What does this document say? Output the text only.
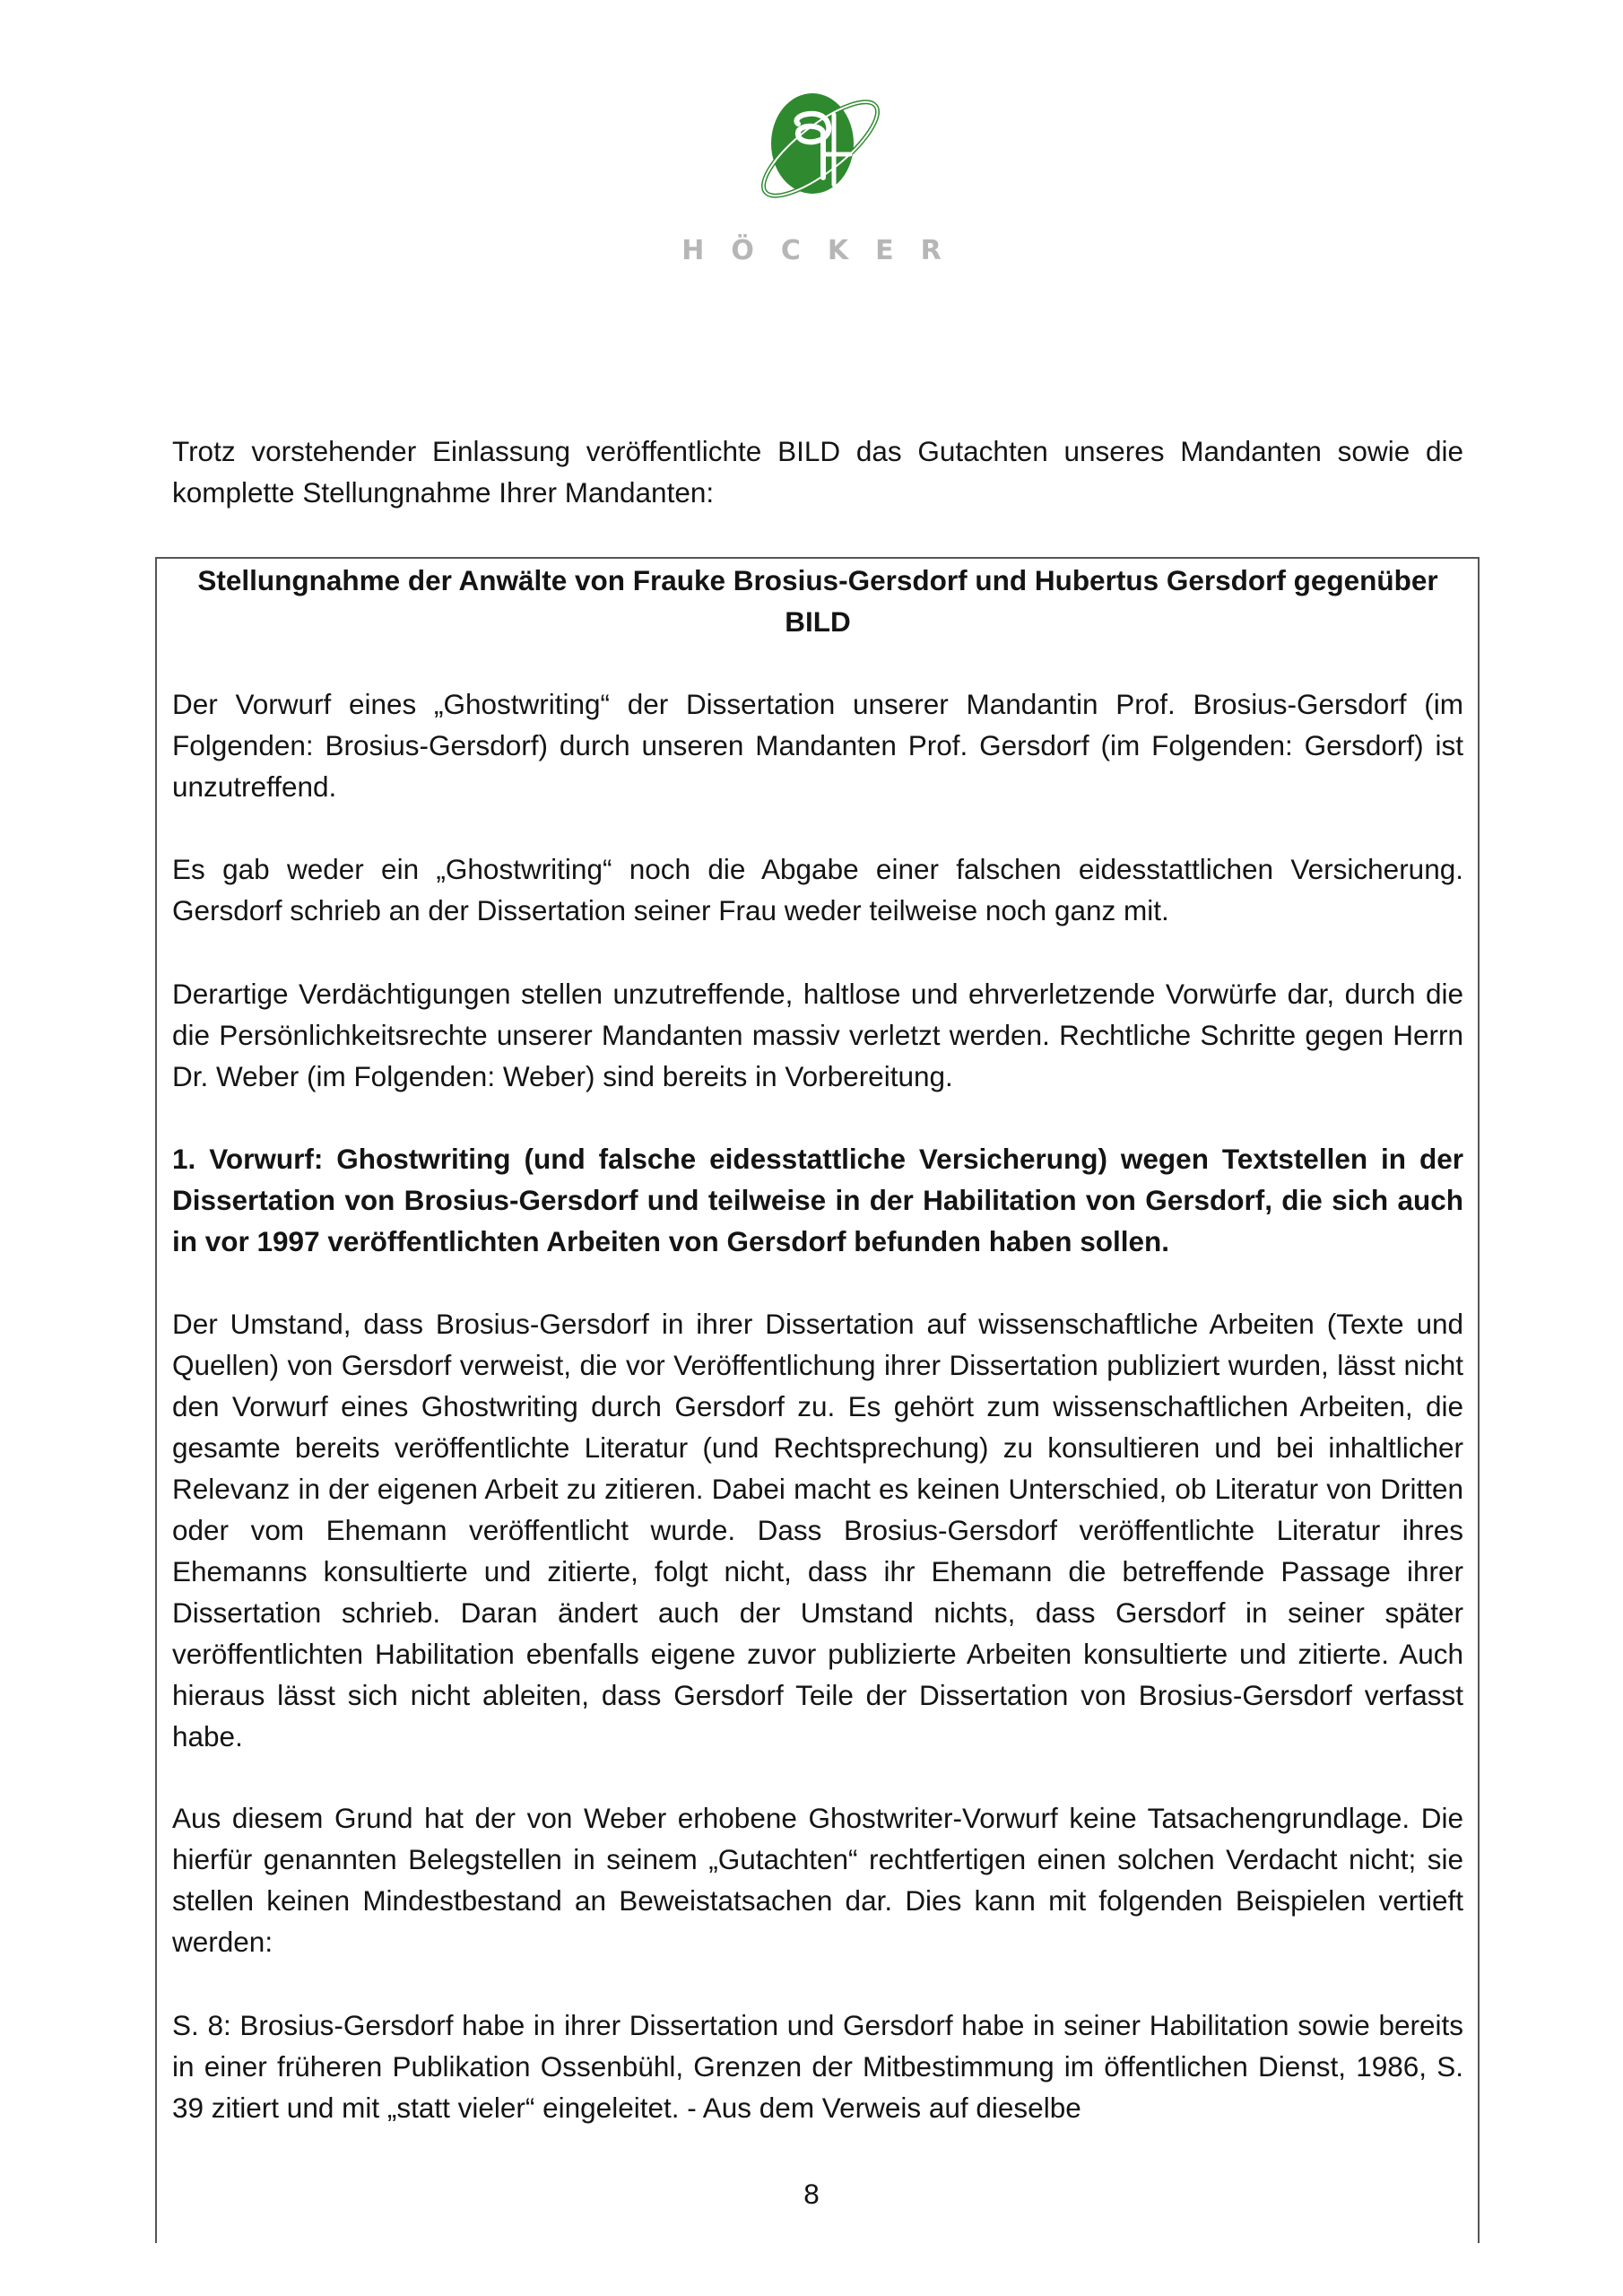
HÖCKER

Trotz vorstehender Einlassung veröffentlichte BILD das Gutachten unseres Mandanten sowie die komplette Stellungnahme Ihrer Mandanten:

Stellungnahme der Anwälte von Frauke Brosius-Gersdorf und Hubertus Gersdorf gegenüber BILD

Der Vorwurf eines „Ghostwriting“ der Dissertation unserer Mandantin Prof. Brosius-Gersdorf (im Folgenden: Brosius-Gersdorf) durch unseren Mandanten Prof. Gersdorf (im Folgenden: Gersdorf) ist unzutreffend.

Es gab weder ein „Ghostwriting“ noch die Abgabe einer falschen eidesstattlichen Versicherung. Gersdorf schrieb an der Dissertation seiner Frau weder teilweise noch ganz mit.

Derartige Verdächtigungen stellen unzutreffende, haltlose und ehrverletzende Vorwürfe dar, durch die die Persönlichkeitsrechte unserer Mandanten massiv verletzt werden. Rechtliche Schritte gegen Herrn Dr. Weber (im Folgenden: Weber) sind bereits in Vorbereitung.

1. Vorwurf: Ghostwriting (und falsche eidesstattliche Versicherung) wegen Textstellen in der Dissertation von Brosius-Gersdorf und teilweise in der Habilitation von Gersdorf, die sich auch in vor 1997 veröffentlichten Arbeiten von Gersdorf befunden haben sollen.

Der Umstand, dass Brosius-Gersdorf in ihrer Dissertation auf wissenschaftliche Arbeiten (Texte und Quellen) von Gersdorf verweist, die vor Veröffentlichung ihrer Dissertation publiziert wurden, lässt nicht den Vorwurf eines Ghostwriting durch Gersdorf zu. Es gehört zum wissenschaftlichen Arbeiten, die gesamte bereits veröffentlichte Literatur (und Rechtsprechung) zu konsultieren und bei inhaltlicher Relevanz in der eigenen Arbeit zu zitieren. Dabei macht es keinen Unterschied, ob Literatur von Dritten oder vom Ehemann veröffentlicht wurde. Dass Brosius-Gersdorf veröffentlichte Literatur ihres Ehemanns konsultierte und zitierte, folgt nicht, dass ihr Ehemann die betreffende Passage ihrer Dissertation schrieb. Daran ändert auch der Umstand nichts, dass Gersdorf in seiner später veröffentlichten Habilitation ebenfalls eigene zuvor publizierte Arbeiten konsultierte und zitierte. Auch hieraus lässt sich nicht ableiten, dass Gersdorf Teile der Dissertation von Brosius-Gersdorf verfasst habe.

Aus diesem Grund hat der von Weber erhobene Ghostwriter-Vorwurf keine Tatsachengrundlage. Die hierfür genannten Belegstellen in seinem „Gutachten“ rechtfertigen einen solchen Verdacht nicht; sie stellen keinen Mindestbestand an Beweistatsachen dar. Dies kann mit folgenden Beispielen vertieft werden:

S. 8: Brosius-Gersdorf habe in ihrer Dissertation und Gersdorf habe in seiner Habilitation sowie bereits in einer früheren Publikation Ossenbühl, Grenzen der Mitbestimmung im öffentlichen Dienst, 1986, S. 39 zitiert und mit „statt vieler“ eingeleitet. - Aus dem Verweis auf dieselbe

8
